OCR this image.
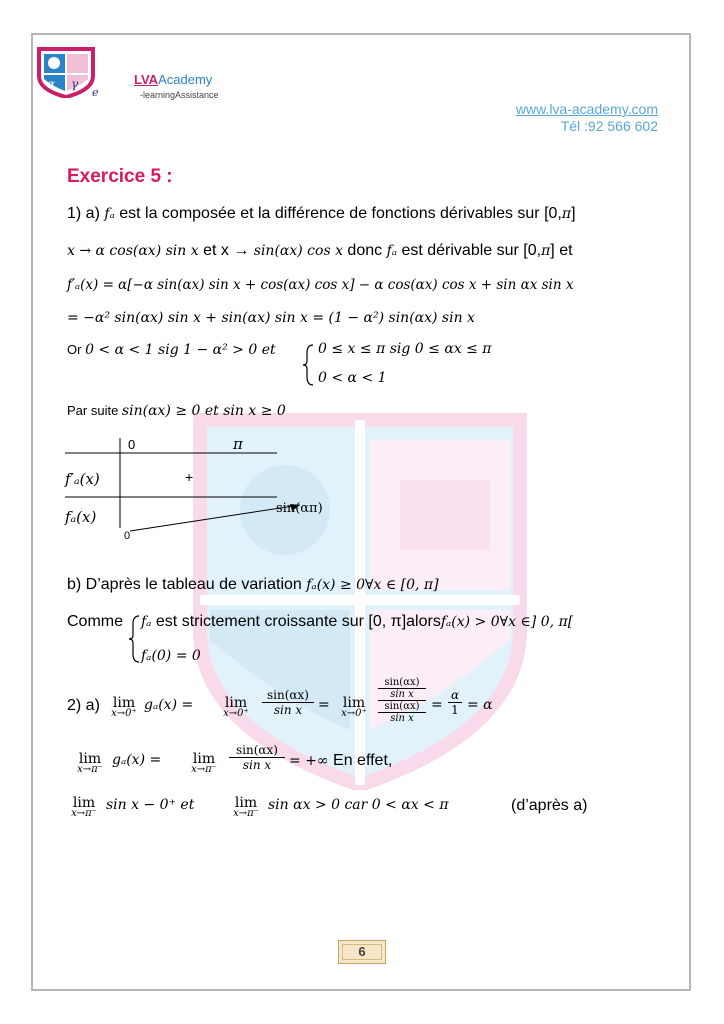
α γ
e
LVAAcademy
-learningAssistance
www.lva-academy.com
Tél :92 566 602
Exercice 5 :
1) a) fₐ est la composée et la différence de fonctions dérivables sur [0,π]
x → α cos(αx) sin x et x → sin(αx) cos x donc fₐ est dérivable sur [0,π] et
f′ₐ(x) = α[−α sin(αx) sin x + cos(αx) cos x] − α cos(αx) cos x + sin αx sin x
= −α² sin(αx) sin x + sin(αx) sin x = (1 − α²) sin(αx) sin x
Or 0 < α < 1 sig 1 − α² > 0 et	0 ≤ x ≤ π sig 0 ≤ αx ≤ π
0 < α < 1
Par suite sin(αx) ≥ 0 et sin x ≥ 0
0	π
f′ₐ(x)	+
fₐ(x)
0
sin(απ)
b) D’après le tableau de variation fₐ(x) ≥ 0∀x ∈ [0, π]
Comme fₐ est strictement croissante sur [0, π]alorsfₐ(x) > 0∀x ∈] 0, π[
fₐ(0) = 0
2) a) lim
x→0⁺
gₐ(x) =	lim
x→0⁺	$\frac{\sin(\alpha x)}{\text{sin x}} = \lim$
x→0⁺
sin(αx)
sin x
sin(αx)
sin x
= $\frac{\alpha}{1} = \alpha$
lim
x→π⁻
gₐ(x) =	lim
x→π⁻	$\frac{\sin(\alpha x)}{\text{sin x}}$ = +∞ En effet,
lim
x→π⁻
sin x − 0⁺ et	lim
x→π⁻
sin αx > 0 car 0 < αx < π	(d’après a)
6
